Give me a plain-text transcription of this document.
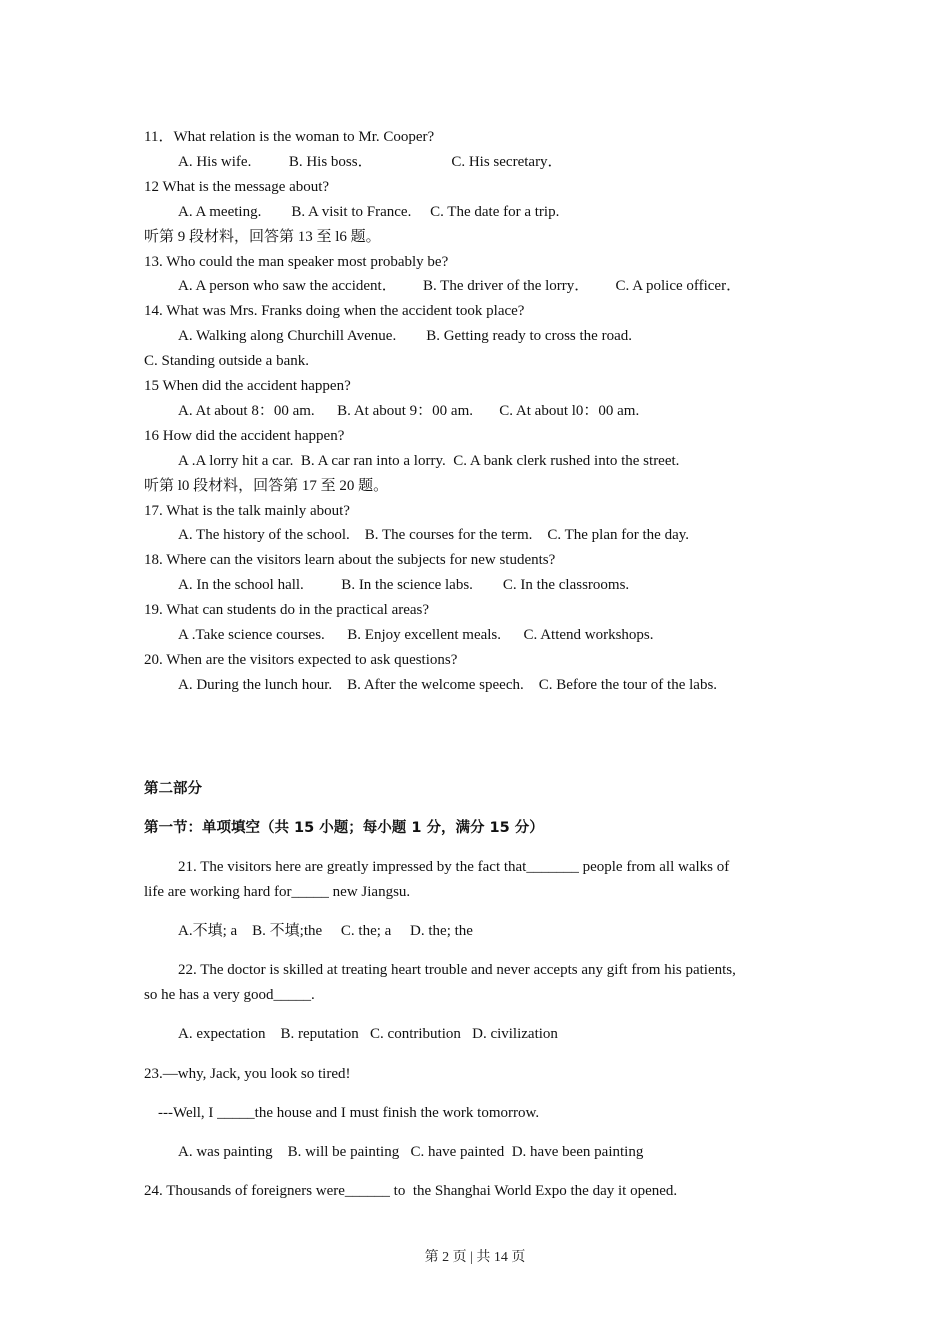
11．What relation is the woman to Mr. Cooper?
A. His wife.          B. His boss．                     C. His secretary．
12 What is the message about?
A. A meeting.        B. A visit to France.     C. The date for a trip.
听第 9 段材料，回答第 13 至 l6 题。
13. Who could the man speaker most probably be?
A. A person who saw the accident．       B. The driver of the lorry．       C. A police officer．
14. What was Mrs. Franks doing when the accident took place?
A. Walking along Churchill Avenue.        B. Getting ready to cross the road.
C. Standing outside a bank.
15 When did the accident happen?
A. At about 8：00 am.      B. At about 9：00 am.       C. At about l0：00 am.
16 How did the accident happen?
A .A lorry hit a car.  B. A car ran into a lorry.  C. A bank clerk rushed into the street.
听第 l0 段材料，回答第 17 至 20 题。
17. What is the talk mainly about?
A. The history of the school.    B. The courses for the term.    C. The plan for the day.
18. Where can the visitors learn about the subjects for new students?
A. In the school hall.          B. In the science labs.        C. In the classrooms.
19. What can students do in the practical areas?
A .Take science courses.      B. Enjoy excellent meals.      C. Attend workshops.
20. When are the visitors expected to ask questions?
A. During the lunch hour.    B. After the welcome speech.    C. Before the tour of the labs.
第二部分
第一节：单项填空（共 15 小题；每小题 1 分，满分 15 分）
21. The visitors here are greatly impressed by the fact that_______ people from all walks of
life are working hard for_____ new Jiangsu.
A.不填; a    B. 不填;the     C. the; a     D. the; the
22. The doctor is skilled at treating heart trouble and never accepts any gift from his patients,
so he has a very good_____.
A. expectation    B. reputation   C. contribution   D. civilization
23.—why, Jack, you look so tired!
---Well, I _____the house and I must finish the work tomorrow.
A. was painting    B. will be painting   C. have painted  D. have been painting
24. Thousands of foreigners were______ to  the Shanghai World Expo the day it opened.
第 2 页 | 共 14 页
